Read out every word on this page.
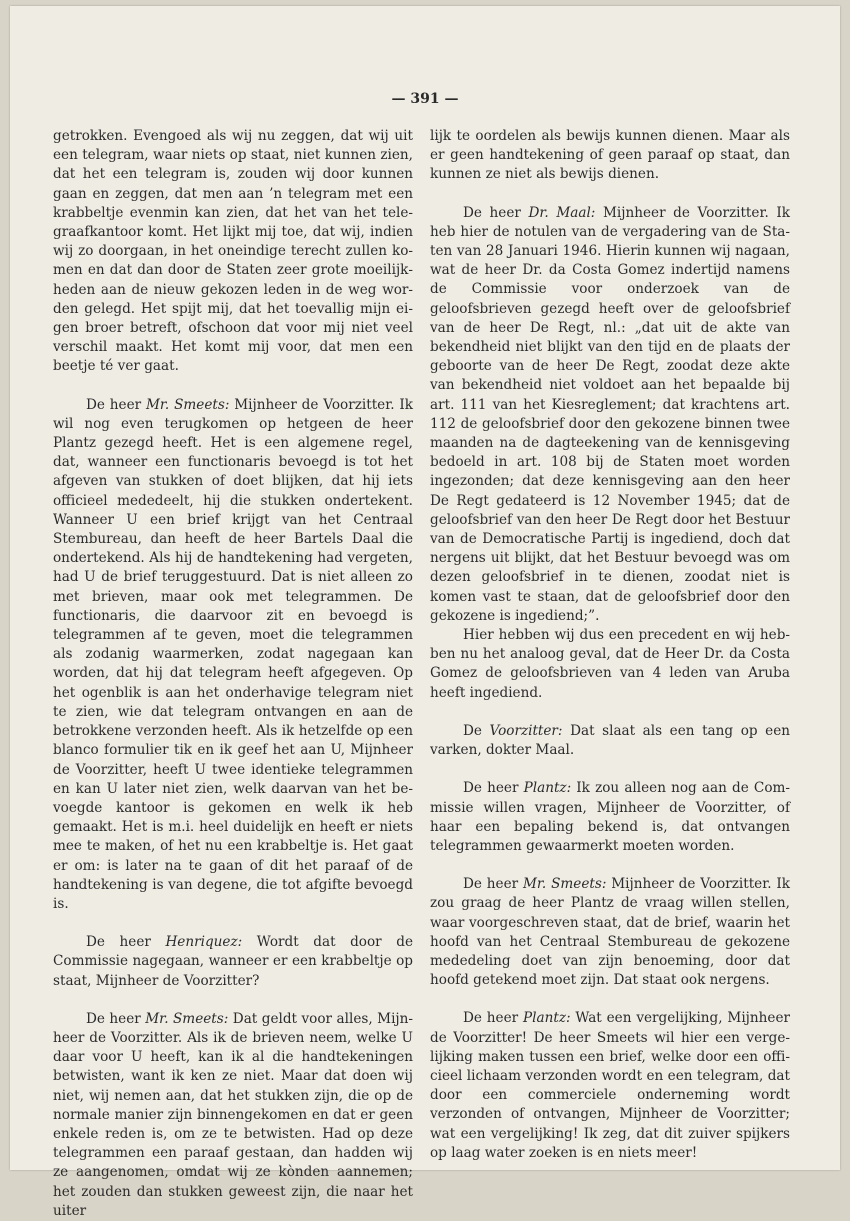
— 391 —

getrokken. Evengoed als wij nu zeggen, dat wij uit een telegram, waar niets op staat, niet kunnen zien, dat het een telegram is, zouden wij door kunnen gaan en zeggen, dat men aan ’n telegram met een krabbeltje evenmin kan zien, dat het van het telegraafkantoor komt. Het lijkt mij toe, dat wij, indien wij zo doorgaan, in het oneindige terecht zullen komen en dat dan door de Staten zeer grote moeilijkheden aan de nieuw gekozen leden in de weg worden gelegd. Het spijt mij, dat het toevallig mijn eigen broer betreft, ofschoon dat voor mij niet veel verschil maakt. Het komt mij voor, dat men een beetje té ver gaat.

De heer Mr. Smeets: Mijnheer de Voorzitter. Ik wil nog even terugkomen op hetgeen de heer Plantz gezegd heeft. Het is een algemene regel, dat, wanneer een functionaris bevoegd is tot het afgeven van stukken of doet blijken, dat hij iets officieel mededeelt, hij die stukken ondertekent. Wanneer U een brief krijgt van het Centraal Stembureau, dan heeft de heer Bartels Daal die ondertekend. Als hij de handtekening had vergeten, had U de brief teruggestuurd. Dat is niet alleen zo met brieven, maar ook met telegrammen. De functionaris, die daarvoor zit en bevoegd is telegrammen af te geven, moet die telegrammen als zodanig waarmerken, zodat nagegaan kan worden, dat hij dat telegram heeft afgegeven. Op het ogenblik is aan het onderhavige telegram niet te zien, wie dat telegram ontvangen en aan de betrokkene verzonden heeft. Als ik hetzelfde op een blanco formulier tik en ik geef het aan U, Mijnheer de Voorzitter, heeft U twee identieke telegrammen en kan U later niet zien, welk daarvan van het bevoegde kantoor is gekomen en welk ik heb gemaakt. Het is m.i. heel duidelijk en heeft er niets mee te maken, of het nu een krabbeltje is. Het gaat er om: is later na te gaan of dit het paraaf of de handtekening is van degene, die tot afgifte bevoegd is.

De heer Henriquez: Wordt dat door de Commissie nagegaan, wanneer er een krabbeltje op staat, Mijnheer de Voorzitter?

De heer Mr. Smeets: Dat geldt voor alles, Mijnheer de Voorzitter. Als ik de brieven neem, welke U daar voor U heeft, kan ik al die handtekeningen betwisten, want ik ken ze niet. Maar dat doen wij niet, wij nemen aan, dat het stukken zijn, die op de normale manier zijn binnengekomen en dat er geen enkele reden is, om ze te betwisten. Had op deze telegrammen een paraaf gestaan, dan hadden wij ze aangenomen, omdat wij ze kònden aannemen; het zouden dan stukken geweest zijn, die naar het uiter

lijk te oordelen als bewijs kunnen dienen. Maar als er geen handtekening of geen paraaf op staat, dan kunnen ze niet als bewijs dienen.

De heer Dr. Maal: Mijnheer de Voorzitter. Ik heb hier de notulen van de vergadering van de Staten van 28 Januari 1946. Hierin kunnen wij nagaan, wat de heer Dr. da Costa Gomez indertijd namens de Commissie voor onderzoek van de geloofsbrieven gezegd heeft over de geloofsbrief van de heer De Regt, nl.: „dat uit de akte van bekendheid niet blijkt van den tijd en de plaats der geboorte van de heer De Regt, zoodat deze akte van bekendheid niet voldoet aan het bepaalde bij art. 111 van het Kiesreglement; dat krachtens art. 112 de geloofsbrief door den gekozene binnen twee maanden na de dagteekening van de kennisgeving bedoeld in art. 108 bij de Staten moet worden ingezonden; dat deze kennisgeving aan den heer De Regt gedateerd is 12 November 1945; dat de geloofsbrief van den heer De Regt door het Bestuur van de Democratische Partij is ingediend, doch dat nergens uit blijkt, dat het Bestuur bevoegd was om dezen geloofsbrief in te dienen, zoodat niet is komen vast te staan, dat de geloofsbrief door den gekozene is ingediend;”.

Hier hebben wij dus een precedent en wij hebben nu het analoog geval, dat de Heer Dr. da Costa Gomez de geloofsbrieven van 4 leden van Aruba heeft ingediend.

De Voorzitter: Dat slaat als een tang op een varken, dokter Maal.

De heer Plantz: Ik zou alleen nog aan de Commissie willen vragen, Mijnheer de Voorzitter, of haar een bepaling bekend is, dat ontvangen telegrammen gewaarmerkt moeten worden.

De heer Mr. Smeets: Mijnheer de Voorzitter. Ik zou graag de heer Plantz de vraag willen stellen, waar voorgeschreven staat, dat de brief, waarin het hoofd van het Centraal Stembureau de gekozene mededeling doet van zijn benoeming, door dat hoofd getekend moet zijn. Dat staat ook nergens.

De heer Plantz: Wat een vergelijking, Mijnheer de Voorzitter! De heer Smeets wil hier een vergelijking maken tussen een brief, welke door een officieel lichaam verzonden wordt en een telegram, dat door een commerciele onderneming wordt verzonden of ontvangen, Mijnheer de Voorzitter; wat een vergelijking! Ik zeg, dat dit zuiver spijkers op laag water zoeken is en niets meer!
